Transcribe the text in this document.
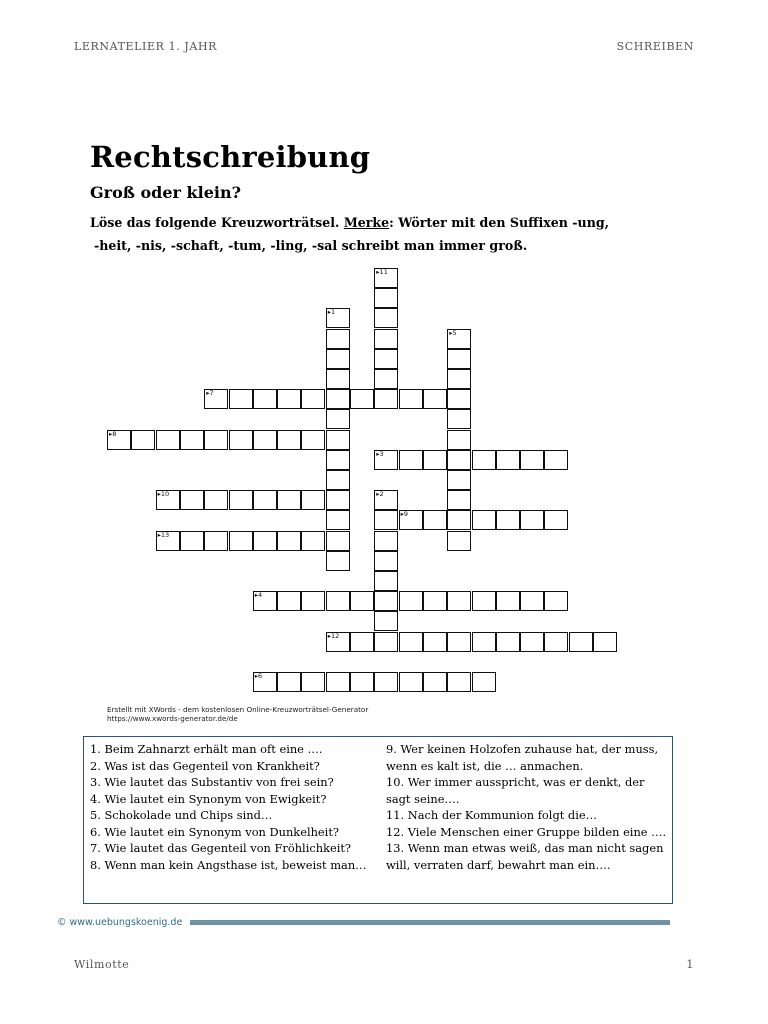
LERNATELIER 1. JAHR	SCHREIBEN
Rechtschreibung
Groß oder klein?
Löse das folgende Kreuzworträtsel. Merke: Wörter mit den Suffixen -ung,
-heit, -nis, -schaft, -tum, -ling, -sal schreibt man immer groß.
▸11
▸1
▸5
▸7
▸8
▸3
▸10	▸2
▸9
▸13
▸4
▸12
▸6
Erstellt mit XWords - dem kostenlosen Online-Kreuzworträtsel-Generator
https://www.xwords-generator.de/de

1. Beim Zahnarzt erhält man oft eine ….

2. Was ist das Gegenteil von Krankheit?

3. Wie lautet das Substantiv von frei sein?

4. Wie lautet ein Synonym von Ewigkeit?

5. Schokolade und Chips sind…

6. Wie lautet ein Synonym von Dunkelheit?

7. Wie lautet das Gegenteil von Fröhlichkeit?

8. Wenn man kein Angsthase ist, beweist man…

9. Wer keinen Holzofen zuhause hat, der muss, wenn es kalt ist, die … anmachen.

10. Wer immer ausspricht, was er denkt, der sagt seine….

11. Nach der Kommunion folgt die…

12. Viele Menschen einer Gruppe bilden eine ….

13. Wenn man etwas weiß, das man nicht sagen will, verraten darf, bewahrt man ein….

© www.uebungskoenig.de
Wilmotte	1
